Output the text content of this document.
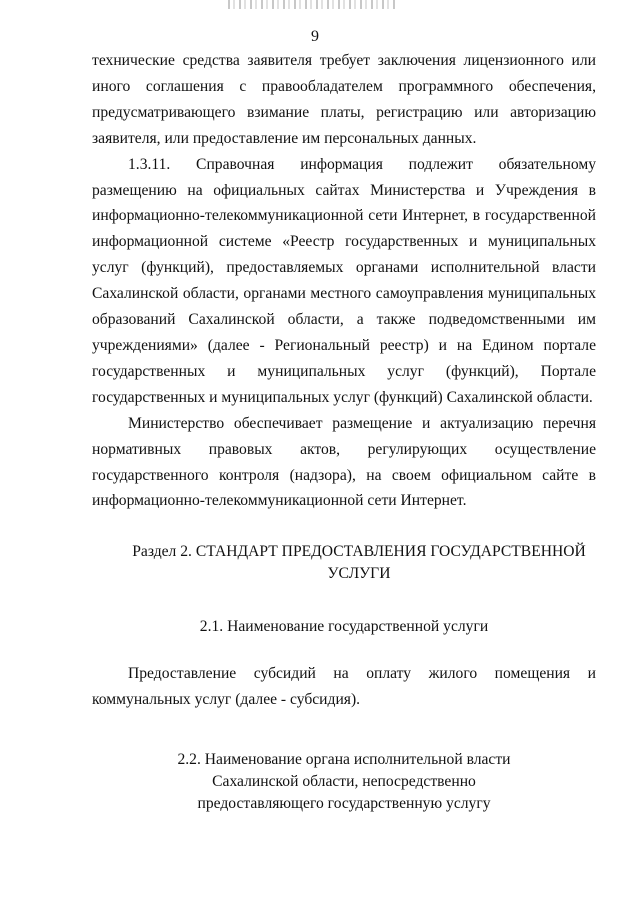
9

технические средства заявителя требует заключения лицензионного или иного соглашения с правообладателем программного обеспечения, предусматривающего взимание платы, регистрацию или авторизацию заявителя, или предоставление им персональных данных.

1.3.11. Справочная информация подлежит обязательному размещению на официальных сайтах Министерства и Учреждения в информационно-телекоммуникационной сети Интернет, в государственной информационной системе «Реестр государственных и муниципальных услуг (функций), предоставляемых органами исполнительной власти Сахалинской области, органами местного самоуправления муниципальных образований Сахалинской области, а также подведомственными им учреждениями» (далее - Региональный реестр) и на Едином портале государственных и муниципальных услуг (функций), Портале государственных и муниципальных услуг (функций) Сахалинской области.

Министерство обеспечивает размещение и актуализацию перечня нормативных правовых актов, регулирующих осуществление государственного контроля (надзора), на своем официальном сайте в информационно-телекоммуникационной сети Интернет.

Раздел 2. СТАНДАРТ ПРЕДОСТАВЛЕНИЯ ГОСУДАРСТВЕННОЙ
УСЛУГИ

2.1. Наименование государственной услуги

Предоставление субсидий на оплату жилого помещения и коммунальных услуг (далее - субсидия).

2.2. Наименование органа исполнительной власти
Сахалинской области, непосредственно
предоставляющего государственную услугу
